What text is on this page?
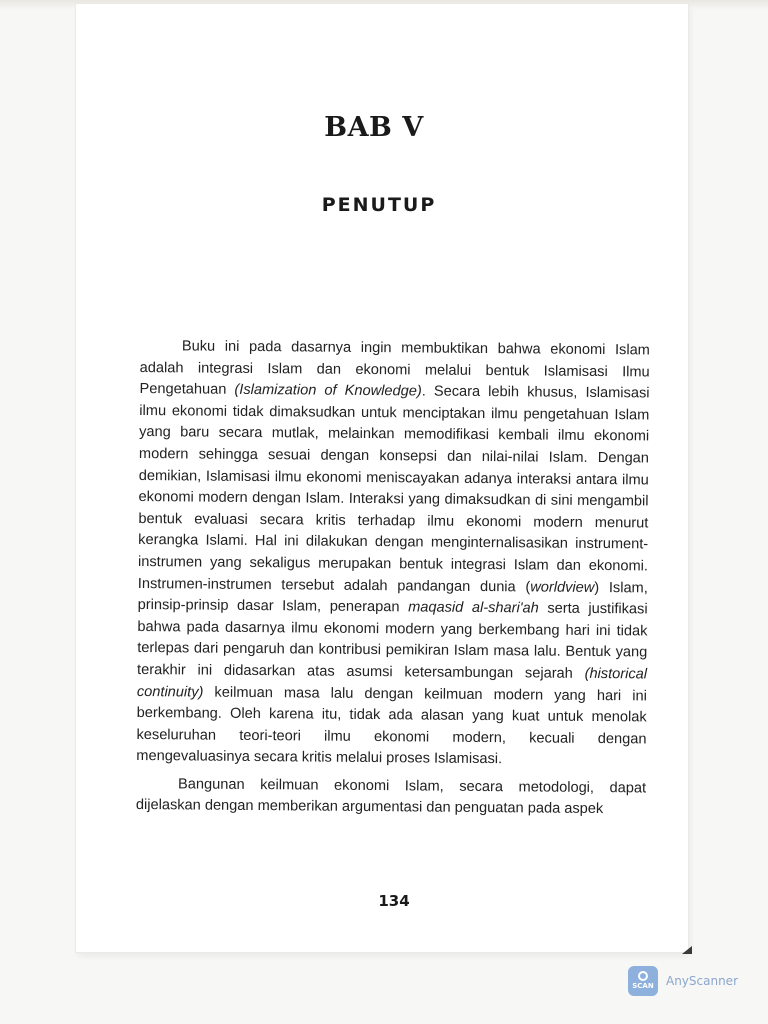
BAB V
PENUTUP

Buku ini pada dasarnya ingin membuktikan bahwa ekonomi Islam adalah integrasi Islam dan ekonomi melalui bentuk Islamisasi Ilmu Pengetahuan (Islamization of Knowledge). Secara lebih khusus, Islamisasi ilmu ekonomi tidak dimaksudkan untuk menciptakan ilmu pengetahuan Islam yang baru secara mutlak, melainkan memodifikasi kembali ilmu ekonomi modern sehingga sesuai dengan konsepsi dan nilai-nilai Islam. Dengan demikian, Islamisasi ilmu ekonomi meniscayakan adanya interaksi antara ilmu ekonomi modern dengan Islam. Interaksi yang dimaksudkan di sini mengambil bentuk evaluasi secara kritis terhadap ilmu ekonomi modern menurut kerangka Islami. Hal ini dilakukan dengan menginternalisasikan instrument-instrumen yang sekaligus merupakan bentuk integrasi Islam dan ekonomi. Instrumen-instrumen tersebut adalah pandangan dunia (worldview) Islam, prinsip-prinsip dasar Islam, penerapan maqasid al-shari'ah serta justifikasi bahwa pada dasarnya ilmu ekonomi modern yang berkembang hari ini tidak terlepas dari pengaruh dan kontribusi pemikiran Islam masa lalu. Bentuk yang terakhir ini didasarkan atas asumsi ketersambungan sejarah (historical continuity) keilmuan masa lalu dengan keilmuan modern yang hari ini berkembang. Oleh karena itu, tidak ada alasan yang kuat untuk menolak keseluruhan teori-teori ilmu ekonomi modern, kecuali dengan mengevaluasinya secara kritis melalui proses Islamisasi.

Bangunan keilmuan ekonomi Islam, secara metodologi, dapat dijelaskan dengan memberikan argumentasi dan penguatan pada aspek

134
SCAN AnyScanner
